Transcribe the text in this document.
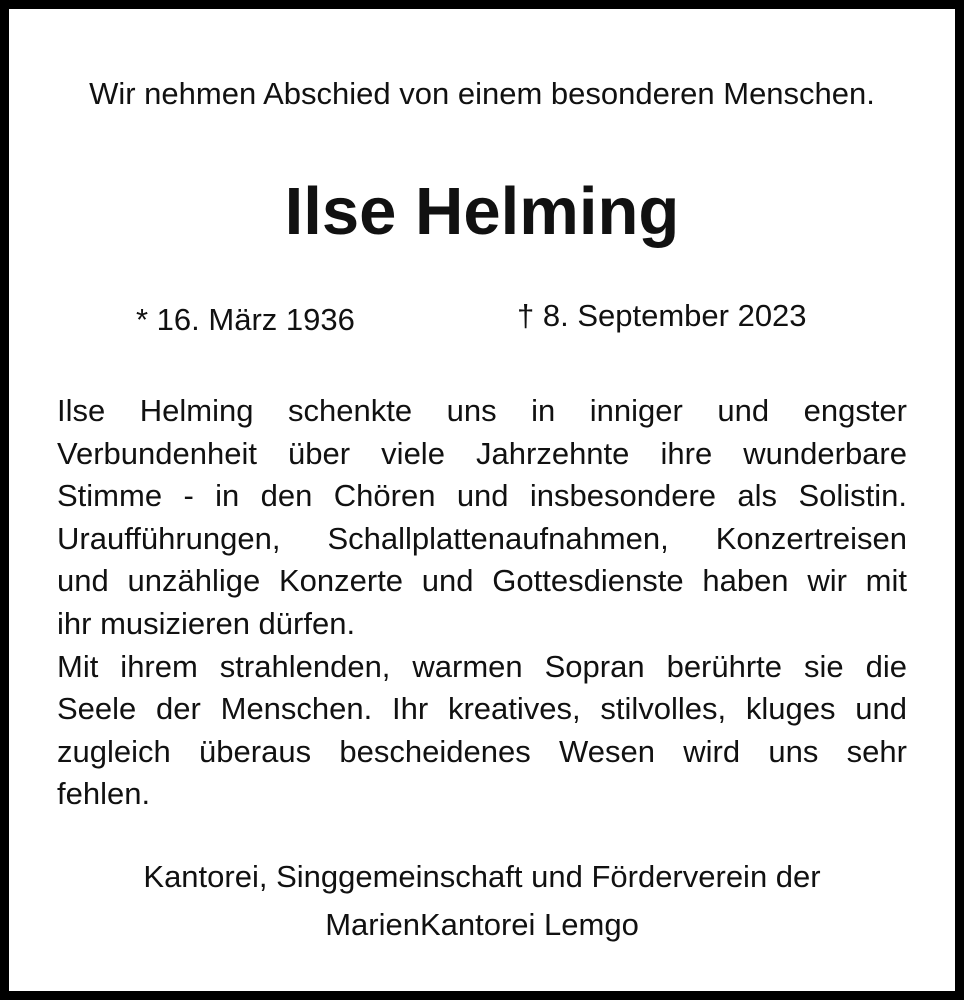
Wir nehmen Abschied von einem besonderen Menschen.

Ilse Helming

* 16. März 1936	† 8. September 2023

Ilse Helming schenkte uns in inniger und engster
Verbundenheit über viele Jahrzehnte ihre wunderbare
Stimme - in den Chören und insbesondere als Solistin.
Uraufführungen, Schallplattenaufnahmen, Konzertreisen
und unzählige Konzerte und Gottesdienste haben wir mit
ihr musizieren dürfen.

Mit ihrem strahlenden, warmen Sopran berührte sie die
Seele der Menschen. Ihr kreatives, stilvolles, kluges und
zugleich überaus bescheidenes Wesen wird uns sehr
fehlen.

Kantorei, Singgemeinschaft und Förderverein der
MarienKantorei Lemgo
